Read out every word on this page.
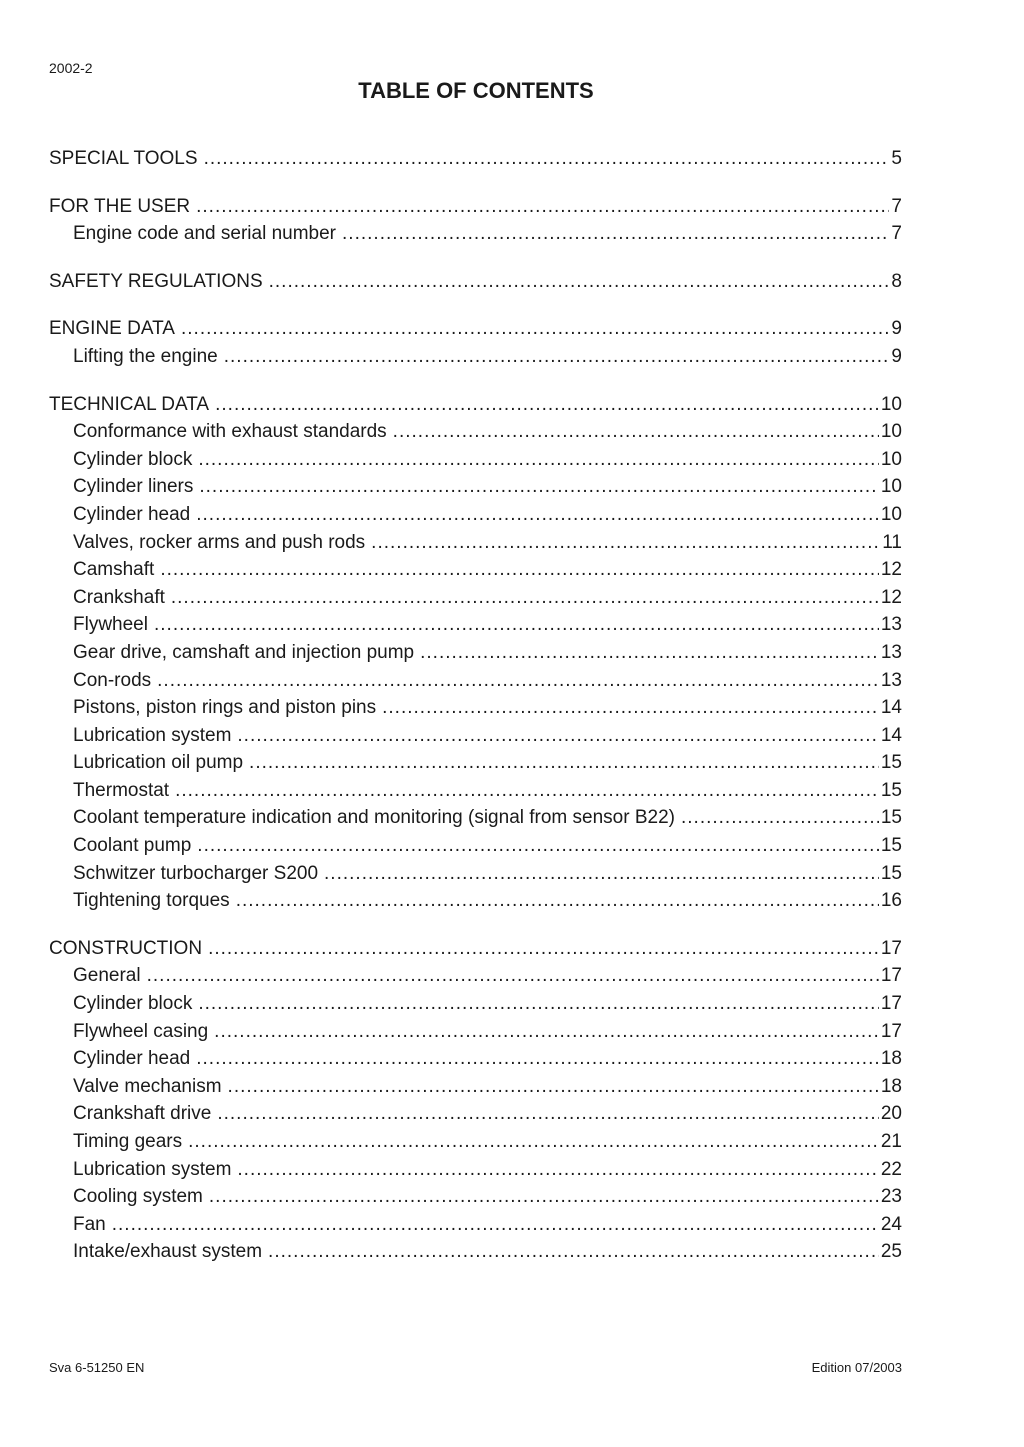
2002-2
TABLE OF CONTENTS
SPECIAL TOOLS .....	5
FOR THE USER .....	7
Engine code and serial number .....	7
SAFETY REGULATIONS .....	8
ENGINE DATA .....	9
Lifting the engine .....	9
TECHNICAL DATA .....	10
Conformance with exhaust standards .....	10
Cylinder block .....	10
Cylinder liners .....	10
Cylinder head .....	10
Valves, rocker arms and push rods .....	11
Camshaft .....	12
Crankshaft .....	12
Flywheel .....	13
Gear drive, camshaft and injection pump .....	13
Con-rods .....	13
Pistons, piston rings and piston pins .....	14
Lubrication system .....	14
Lubrication oil pump .....	15
Thermostat .....	15
Coolant temperature indication and monitoring (signal from sensor B22) .....	15
Coolant pump .....	15
Schwitzer turbocharger S200 .....	15
Tightening torques .....	16
CONSTRUCTION .....	17
General .....	17
Cylinder block .....	17
Flywheel casing .....	17
Cylinder head .....	18
Valve mechanism .....	18
Crankshaft drive .....	20
Timing gears .....	21
Lubrication system .....	22
Cooling system .....	23
Fan .....	24
Intake/exhaust system .....	25
Sva 6-51250 EN	Edition 07/2003
